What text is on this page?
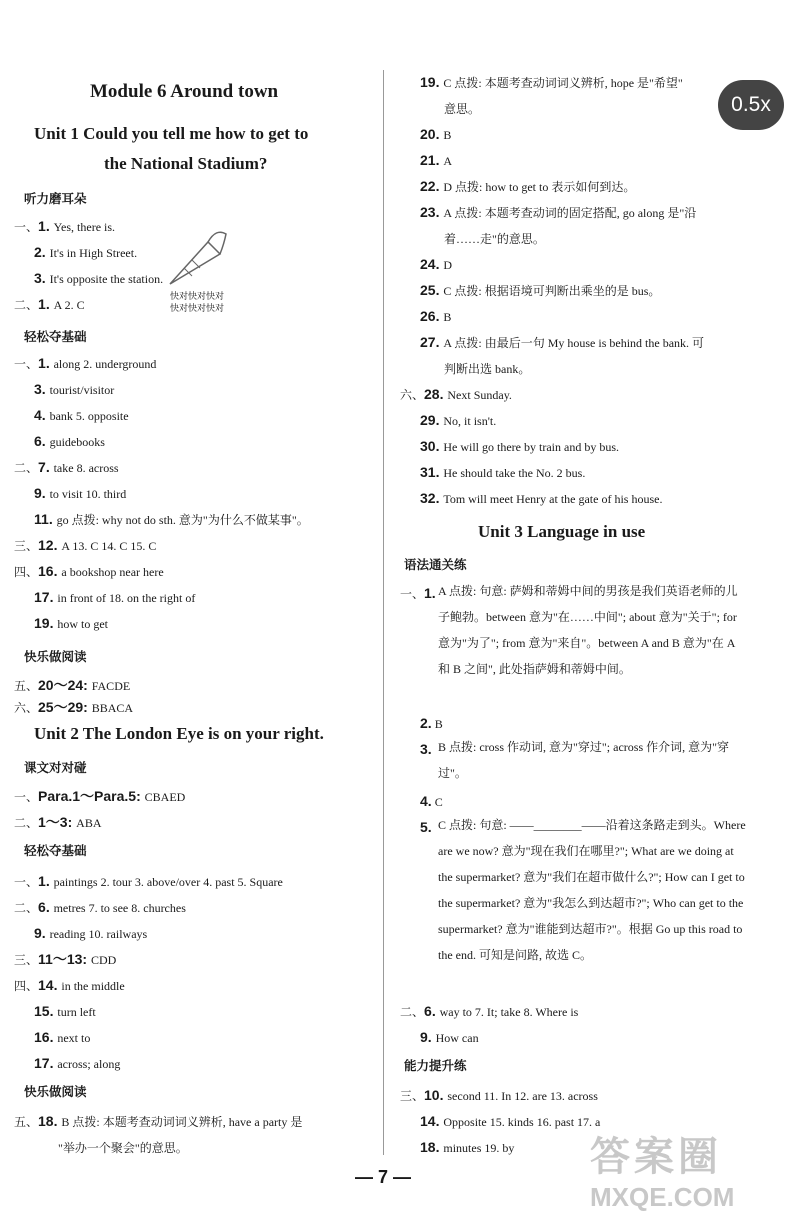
Module 6 Around town
Unit 1 Could you tell me how to get to
the National Stadium?
听力磨耳朵
快对快对快对
快对快对快对
一、1. Yes, there is.
2. It's in High Street.
3. It's opposite the station.
二、1. A 2. C
一、1. along 2. underground
3. tourist/visitor
4. bank 5. opposite
6. guidebooks
二、7. take 8. across
9. to visit 10. third
11. go 点拨: why not do sth. 意为"为什么不做某事"。
三、12. A 13. C 14. C 15. C
四、16. a bookshop near here
17. in front of 18. on the right of
19. how to get
五、20～24: FACDE
六、25～29: BBACA
一、Para.1～Para.5: CBAED
二、1～3: ABA
一、1. paintings 2. tour 3. above/over 4. past 5. Square
二、6. metres 7. to see 8. churches
9. reading 10. railways
三、11～13: CDD
四、14. in the middle
15. turn left
16. next to
17. across; along
五、18. B 点拨: 本题考查动词词义辨析, have a party 是
"举办一个聚会"的意思。
轻松夺基础
快乐做阅读
Unit 2 The London Eye is on your right.
课文对对碰
轻松夺基础
快乐做阅读
19. C 点拨: 本题考查动词词义辨析, hope 是"希望"
意思。
20. B
21. A
22. D 点拨: how to get to 表示如何到达。
23. A 点拨: 本题考查动词的固定搭配, go along 是"沿
着……走"的意思。
24. D
25. C 点拨: 根据语境可判断出乘坐的是 bus。
26. B
27. A 点拨: 由最后一句 My house is behind the bank. 可
判断出选 bank。
六、28. Next Sunday.
29. No, it isn't.
30. He will go there by train and by bus.
31. He should take the No. 2 bus.
32. Tom will meet Henry at the gate of his house.
Unit 3 Language in use
语法通关练
一、1. A 点拨: 句意: 萨姆和蒂姆中间的男孩是我们英语老师的儿子鲍勃。between 意为"在……中间"; about 意为"关于"; for 意为"为了"; from 意为"来自"。between A and B 意为"在 A 和 B 之间", 此处指萨姆和蒂姆中间。
2. B
3. B 点拨: cross 作动词, 意为"穿过"; across 作介词, 意为"穿过"。
4. C
5. C 点拨: 句意: ——________——沿着这条路走到头。Where are we now? 意为"现在我们在哪里?"; What are we doing at the supermarket? 意为"我们在超市做什么?"; How can I get to the supermarket? 意为"我怎么到达超市?"; Who can get to the supermarket? 意为"谁能到达超市?"。根据 Go up this road to the end. 可知是问路, 故选 C。
二、6. way to 7. It; take 8. Where is
9. How can
三、10. second 11. In 12. are 13. across
14. Opposite 15. kinds 16. past 17. a
18. minutes 19. by
能力提升练
0.5x
— 7 —	答案圈
MXQE.COM
